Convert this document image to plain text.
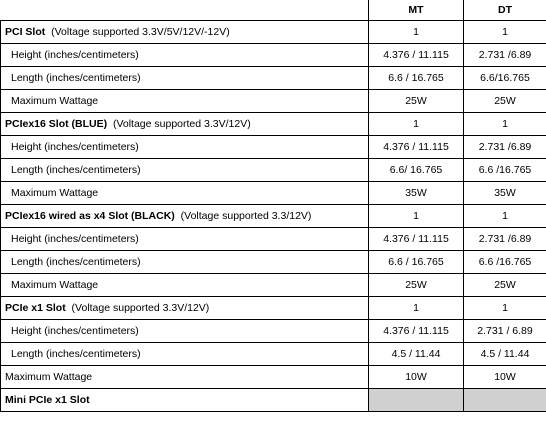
	MT	DT
PCI Slot (Voltage supported 3.3V/5V/12V/-12V)	1	1
Height (inches/centimeters)	4.376 / 11.115	2.731 /6.89
Length (inches/centimeters)	6.6 / 16.765	6.6/16.765
Maximum Wattage	25W	25W
PCIex16 Slot (BLUE) (Voltage supported 3.3V/12V)	1	1
Height (inches/centimeters)	4.376 / 11.115	2.731 /6.89
Length (inches/centimeters)	6.6/ 16.765	6.6 /16.765
Maximum Wattage	35W	35W
PCIex16 wired as x4 Slot (BLACK) (Voltage supported 3.3/12V)	1	1
Height (inches/centimeters)	4.376 / 11.115	2.731 /6.89
Length (inches/centimeters)	6.6 / 16.765	6.6 /16.765
Maximum Wattage	25W	25W
PCIe x1 Slot (Voltage supported 3.3V/12V)	1	1
Height (inches/centimeters)	4.376 / 11.115	2.731 / 6.89
Length (inches/centimeters)	4.5 / 11.44	4.5 / 11.44
Maximum Wattage	10W	10W
Mini PCIe x1 Slot		
